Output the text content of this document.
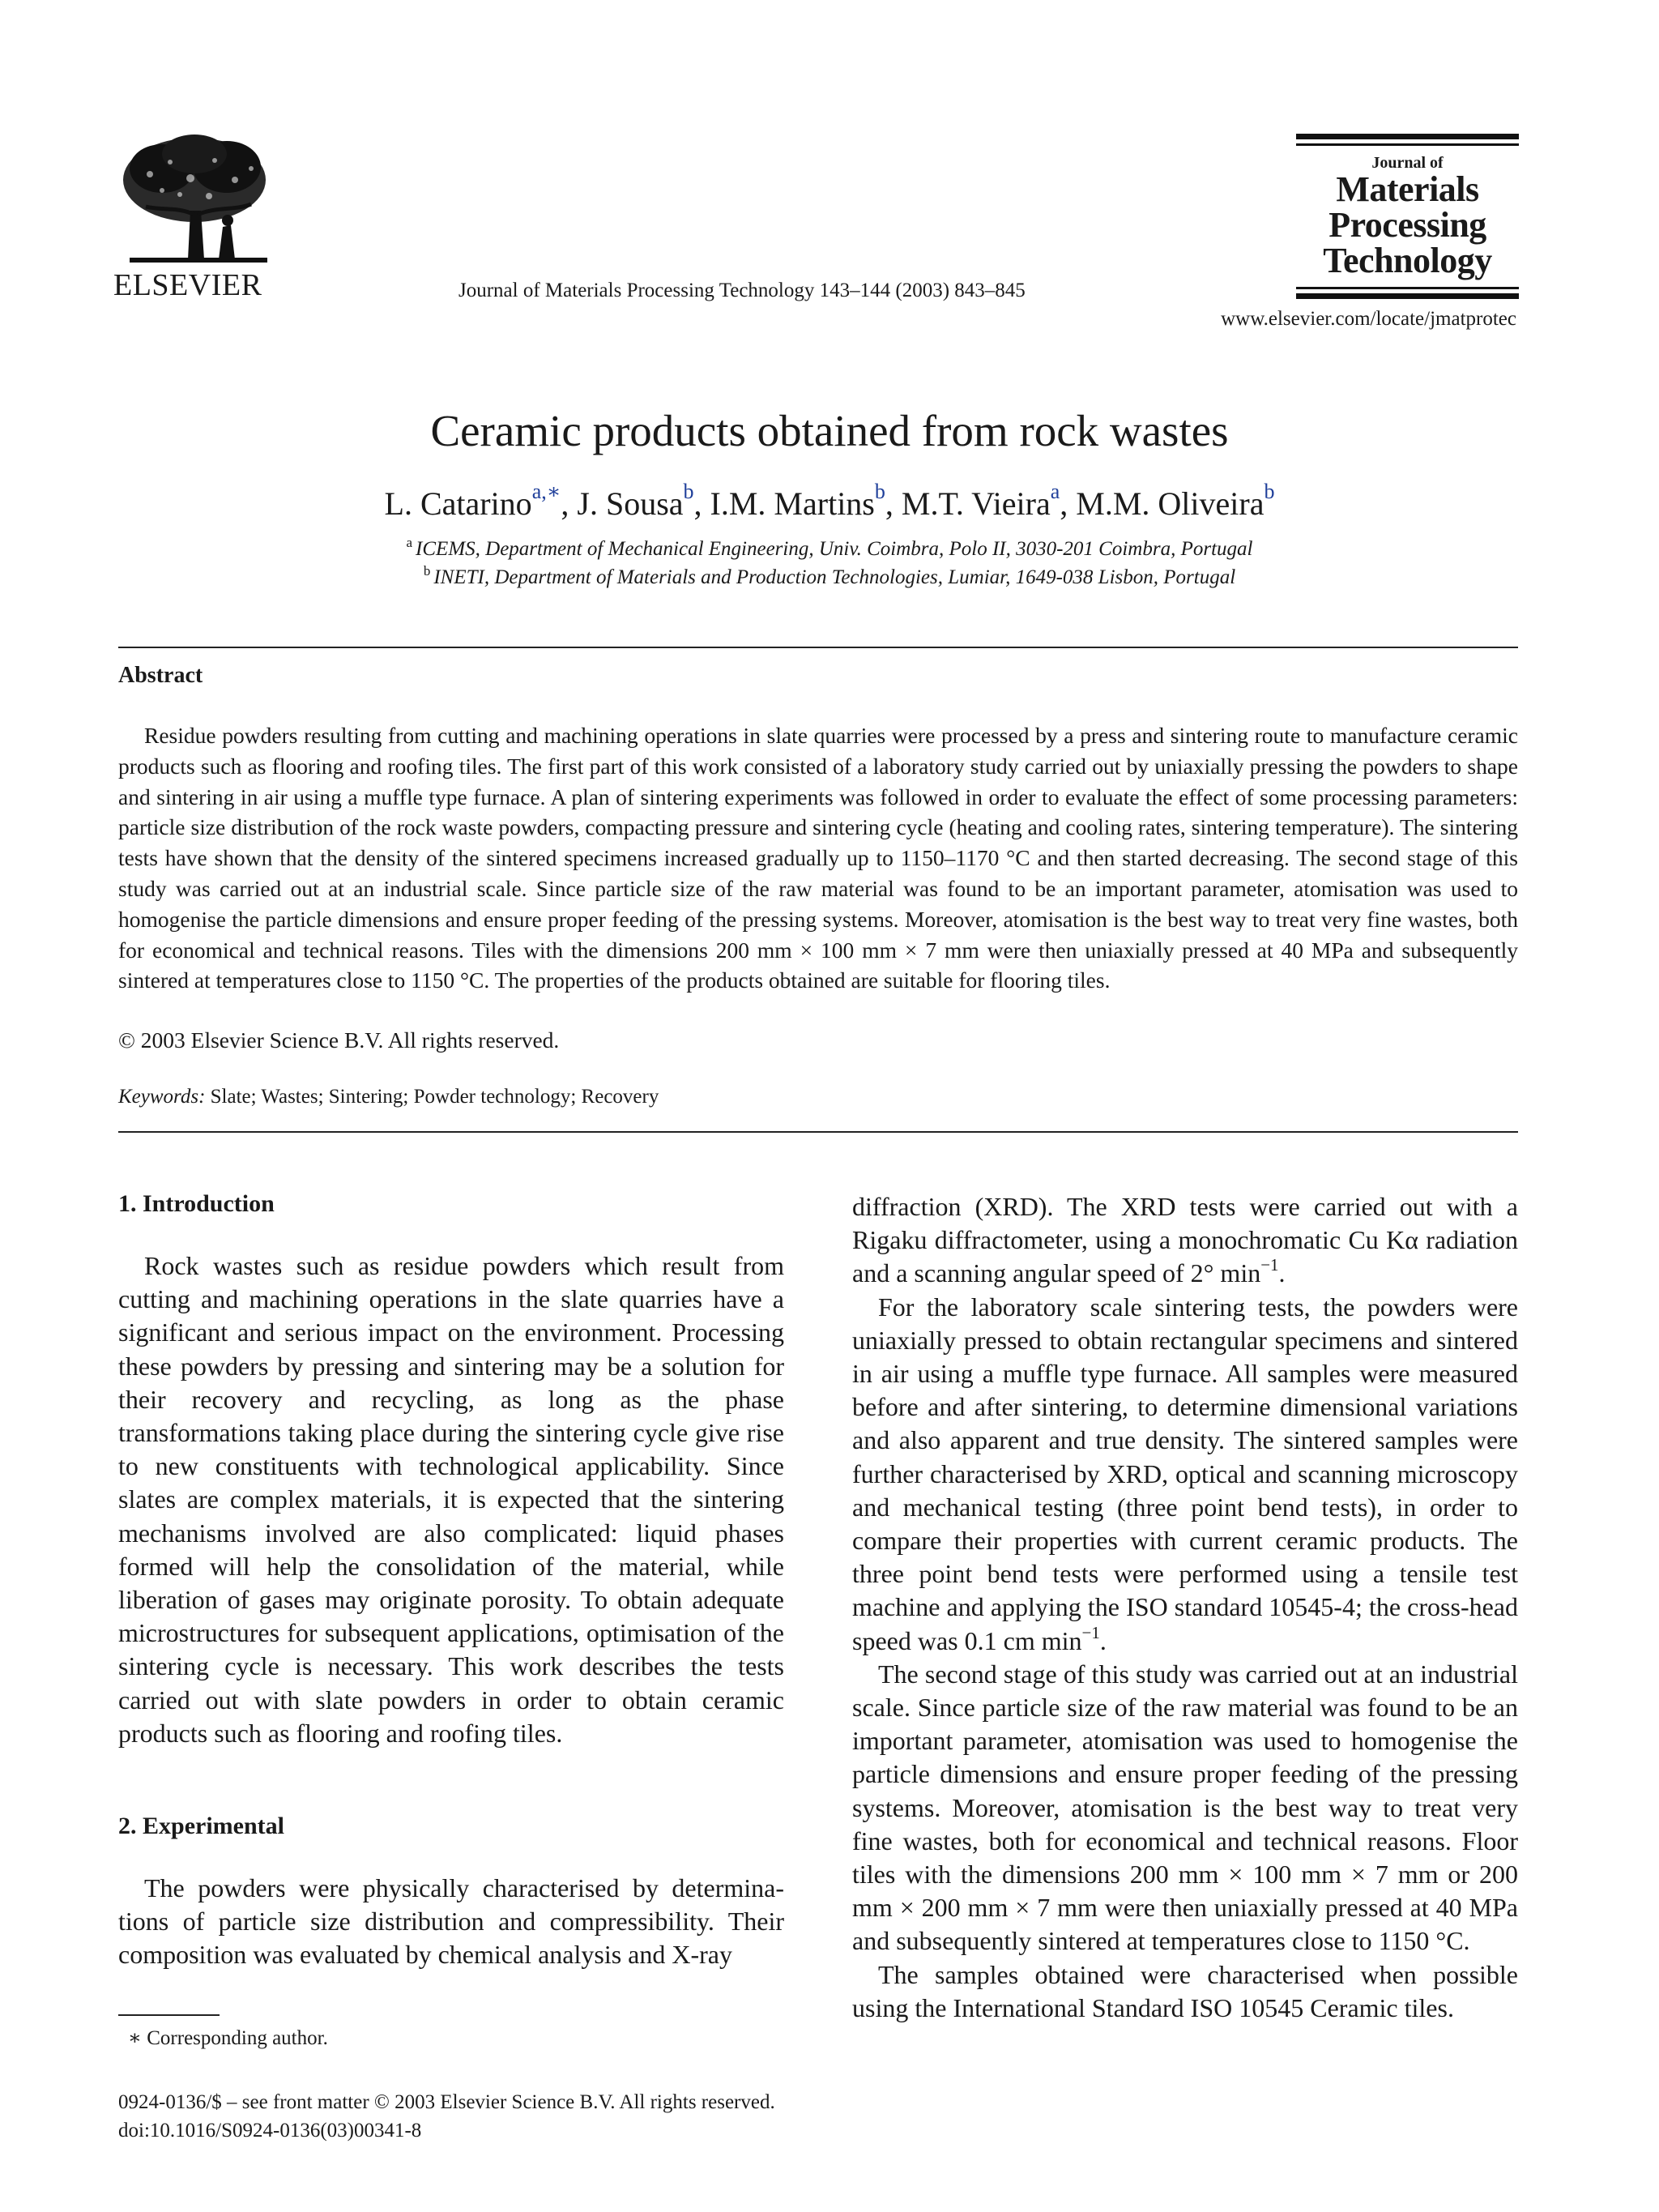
ELSEVIER	Journal of Materials Processing Technology 143–144 (2003) 843–845
Journal of
Materials
Processing
Technology
www.elsevier.com/locate/jmatprotec
Ceramic products obtained from rock wastes
L. Catarino$^{a,∗}$, J. Sousa$^b$, I.M. Martins$^b$, M.T. Vieira$^a$, M.M. Oliveira$^b$
$^a$ ICEMS, Department of Mechanical Engineering, Univ. Coimbra, Polo II, 3030-201 Coimbra, Portugal
$^b$ INETI, Department of Materials and Production Technologies, Lumiar, 1649-038 Lisbon, Portugal
Abstract
Residue powders resulting from cutting and machining operations in slate quarries were processed by a press and sintering route to manufacture ceramic products such as flooring and roofing tiles. The first part of this work consisted of a laboratory study carried out by uniaxially pressing the powders to shape and sintering in air using a muffle type furnace. A plan of sintering experiments was followed in order to evaluate the effect of some processing parameters: particle size distribution of the rock waste powders, compacting pressure and sintering cycle (heating and cooling rates, sintering temperature). The sintering tests have shown that the density of the sintered specimens increased gradually up to 1150–1170 °C and then started decreasing. The second stage of this study was carried out at an industrial scale. Since particle size of the raw material was found to be an important parameter, atomisation was used to homogenise the particle dimensions and ensure proper feeding of the pressing systems. Moreover, atomisation is the best way to treat very fine wastes, both for economical and technical reasons. Tiles with the dimensions 200 mm × 100 mm × 7 mm were then uniaxially pressed at 40 MPa and subsequently sintered at temperatures close to 1150 °C. The properties of the products obtained are suitable for flooring tiles.
© 2003 Elsevier Science B.V. All rights reserved.
Keywords: Slate; Wastes; Sintering; Powder technology; Recovery
1. Introduction

Rock wastes such as residue powders which result from cutting and machining operations in the slate quarries have a significant and serious impact on the environment. Processing these powders by pressing and sintering may be a solution for their recovery and recycling, as long as the phase transformations taking place during the sintering cycle give rise to new constituents with technological applicability. Since slates are complex materials, it is expected that the sintering mechanisms involved are also complicated: liquid phases formed will help the consolidation of the material, while liberation of gases may originate porosity. To obtain adequate microstructures for subsequent applications, optimisation of the sintering cycle is necessary. This work describes the tests carried out with slate powders in order to obtain ceramic products such as flooring and roofing tiles.

2. Experimental

The powders were physically characterised by determinations of particle size distribution and compressibility. Their composition was evaluated by chemical analysis and X-ray

diffraction (XRD). The XRD tests were carried out with a Rigaku diffractometer, using a monochromatic Cu Kα radiation and a scanning angular speed of 2° $\min^{-1}$.

For the laboratory scale sintering tests, the powders were uniaxially pressed to obtain rectangular specimens and sintered in air using a muffle type furnace. All samples were measured before and after sintering, to determine dimensional variations and also apparent and true density. The sintered samples were further characterised by XRD, optical and scanning microscopy and mechanical testing (three point bend tests), in order to compare their properties with current ceramic products. The three point bend tests were performed using a tensile test machine and applying the ISO standard 10545-4; the cross-head speed was 0.1 cm $\min^{-1}$.

The second stage of this study was carried out at an industrial scale. Since particle size of the raw material was found to be an important parameter, atomisation was used to homogenise the particle dimensions and ensure proper feeding of the pressing systems. Moreover, atomisation is the best way to treat very fine wastes, both for economical and technical reasons. Floor tiles with the dimensions 200 mm × 100 mm × 7 mm or 200 mm × 200 mm × 7 mm were then uniaxially pressed at 40 MPa and subsequently sintered at temperatures close to 1150 °C.

The samples obtained were characterised when possible using the International Standard ISO 10545 Ceramic tiles.

∗ Corresponding author.
0924-0136/$ – see front matter © 2003 Elsevier Science B.V. All rights reserved.
doi:10.1016/S0924-0136(03)00341-8
